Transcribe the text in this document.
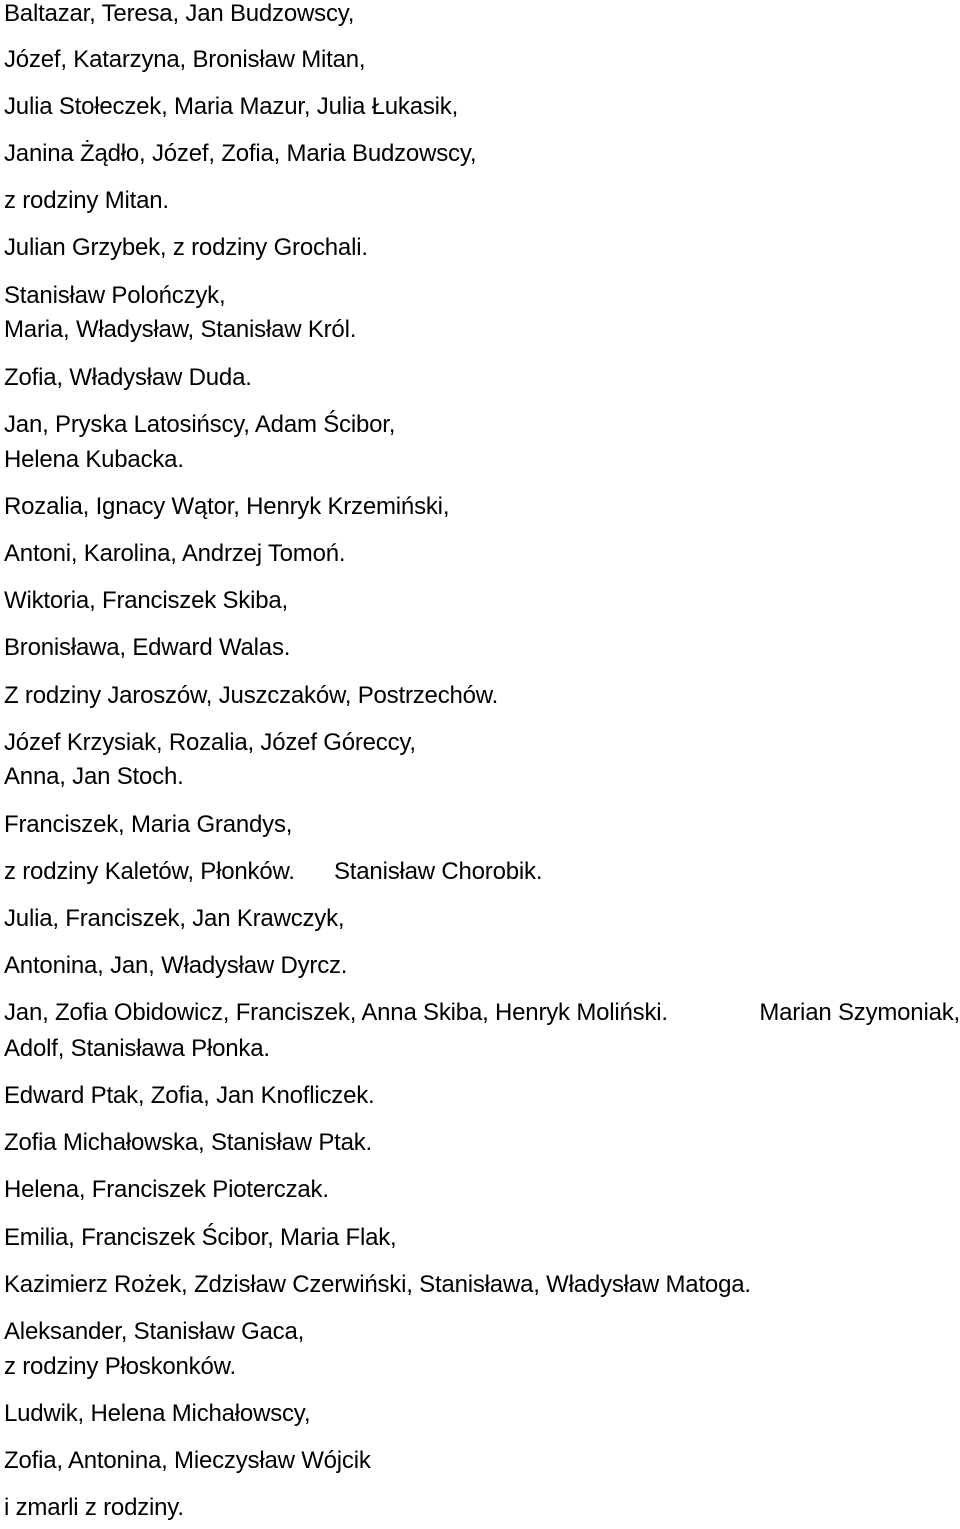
Baltazar, Teresa, Jan Budzowscy,
Józef, Katarzyna, Bronisław Mitan,
Julia Stołeczek, Maria Mazur, Julia Łukasik,
Janina Żądło, Józef, Zofia, Maria Budzowscy,
z rodziny Mitan.
Julian Grzybek, z rodziny Grochali.
Stanisław Polończyk,
Maria, Władysław, Stanisław Król.
Zofia, Władysław Duda.
Jan, Pryska Latosińscy, Adam Ścibor,
Helena Kubacka.
Rozalia, Ignacy Wątor, Henryk Krzemiński,
Antoni, Karolina, Andrzej Tomoń.
Wiktoria, Franciszek Skiba,
Bronisława, Edward Walas.
Z rodziny Jaroszów, Juszczaków, Postrzechów.
Józef Krzysiak, Rozalia, Józef Góreccy,
Anna, Jan Stoch.
Franciszek, Maria Grandys,
z rodziny Kaletów, Płonków. Stanisław Chorobik.
Julia, Franciszek, Jan Krawczyk,
Antonina, Jan, Władysław Dyrcz.
Jan, Zofia Obidowicz, Franciszek, Anna Skiba, Henryk Moliński.	Marian Szymoniak,
Adolf, Stanisława Płonka.
Edward Ptak, Zofia, Jan Knofliczek.
Zofia Michałowska, Stanisław Ptak.
Helena, Franciszek Pioterczak.
Emilia, Franciszek Ścibor, Maria Flak,
Kazimierz Rożek, Zdzisław Czerwiński, Stanisława, Władysław Matoga.
Aleksander, Stanisław Gaca,
z rodziny Płoskonków.
Ludwik, Helena Michałowscy,
Zofia, Antonina, Mieczysław Wójcik
i zmarli z rodziny.
